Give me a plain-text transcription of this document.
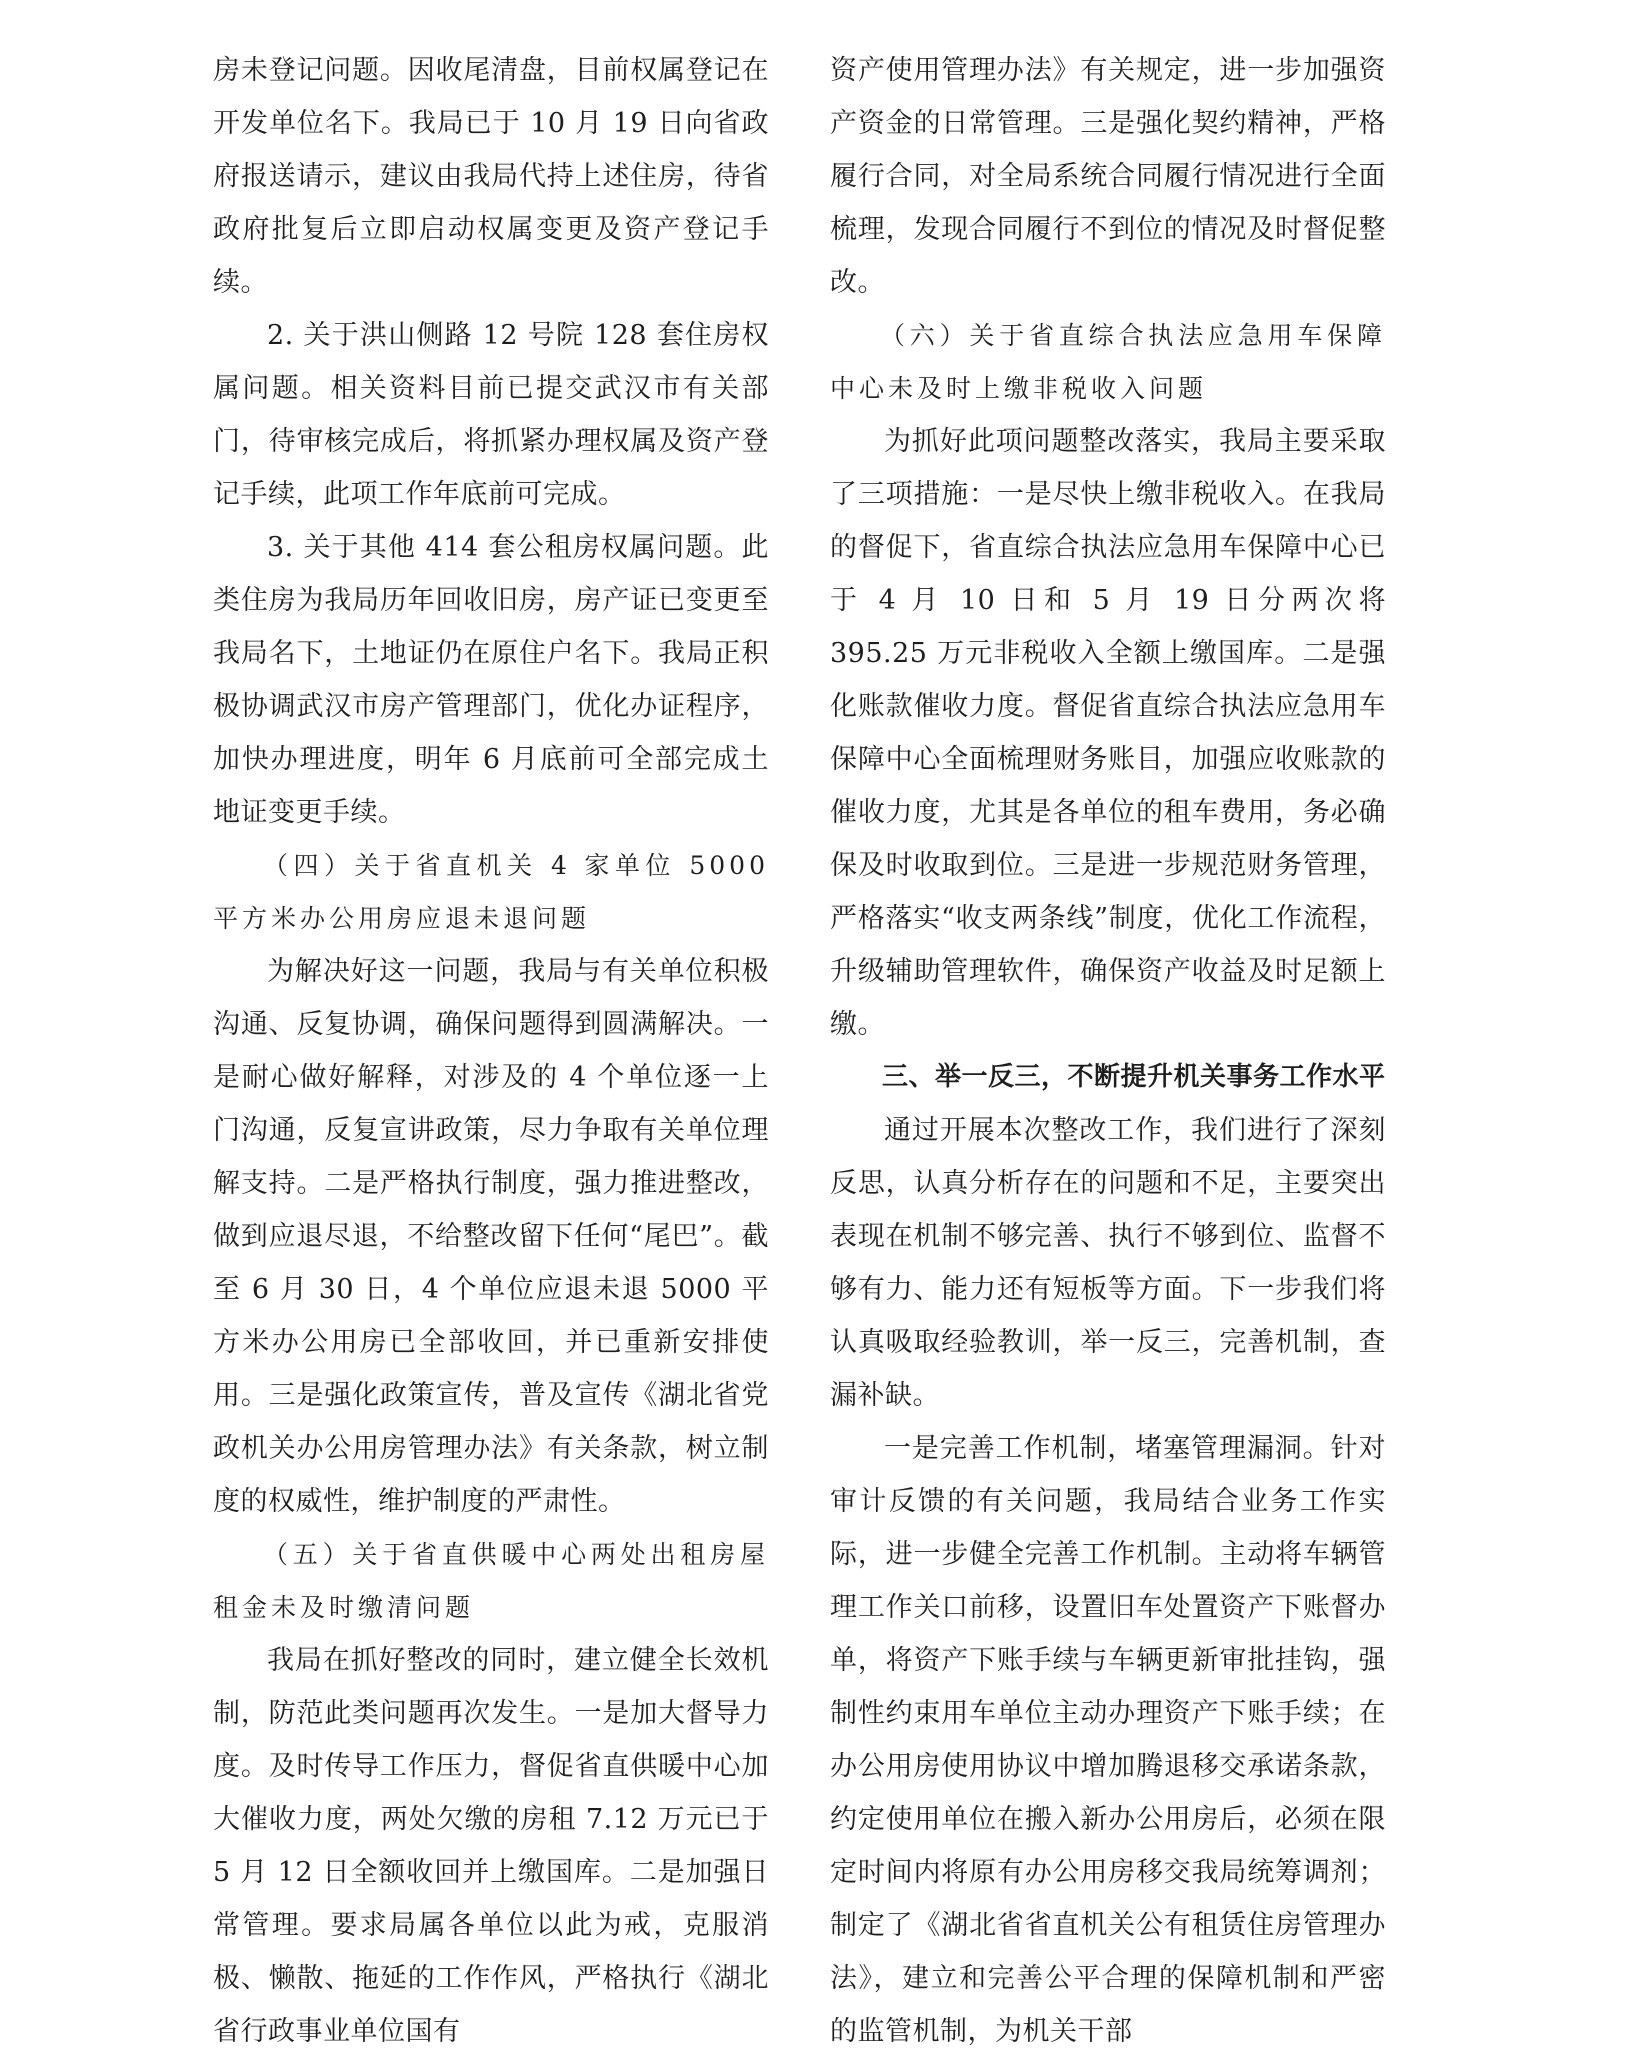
房未登记问题。因收尾清盘，目前权属登记在开发单位名下。我局已于 10 月 19 日向省政府报送请示，建议由我局代持上述住房，待省政府批复后立即启动权属变更及资产登记手续。

2. 关于洪山侧路 12 号院 128 套住房权属问题。相关资料目前已提交武汉市有关部门，待审核完成后，将抓紧办理权属及资产登记手续，此项工作年底前可完成。

3. 关于其他 414 套公租房权属问题。此类住房为我局历年回收旧房，房产证已变更至我局名下，土地证仍在原住户名下。我局正积极协调武汉市房产管理部门，优化办证程序，加快办理进度，明年 6 月底前可全部完成土地证变更手续。

（四）关于省直机关 4 家单位 5000 平方米办公用房应退未退问题

为解决好这一问题，我局与有关单位积极沟通、反复协调，确保问题得到圆满解决。一是耐心做好解释，对涉及的 4 个单位逐一上门沟通，反复宣讲政策，尽力争取有关单位理解支持。二是严格执行制度，强力推进整改，做到应退尽退，不给整改留下任何“尾巴”。截至 6 月 30 日，4 个单位应退未退 5000 平方米办公用房已全部收回，并已重新安排使用。三是强化政策宣传，普及宣传《湖北省党政机关办公用房管理办法》有关条款，树立制度的权威性，维护制度的严肃性。

（五）关于省直供暖中心两处出租房屋租金未及时缴清问题

我局在抓好整改的同时，建立健全长效机制，防范此类问题再次发生。一是加大督导力度。及时传导工作压力，督促省直供暖中心加大催收力度，两处欠缴的房租 7.12 万元已于 5 月 12 日全额收回并上缴国库。二是加强日常管理。要求局属各单位以此为戒，克服消极、懒散、拖延的工作作风，严格执行《湖北省行政事业单位国有

资产使用管理办法》有关规定，进一步加强资产资金的日常管理。三是强化契约精神，严格履行合同，对全局系统合同履行情况进行全面梳理，发现合同履行不到位的情况及时督促整改。

（六）关于省直综合执法应急用车保障中心未及时上缴非税收入问题

为抓好此项问题整改落实，我局主要采取了三项措施：一是尽快上缴非税收入。在我局的督促下，省直综合执法应急用车保障中心已于 4 月 10 日和 5 月 19 日分两次将 395.25 万元非税收入全额上缴国库。二是强化账款催收力度。督促省直综合执法应急用车保障中心全面梳理财务账目，加强应收账款的催收力度，尤其是各单位的租车费用，务必确保及时收取到位。三是进一步规范财务管理，严格落实“收支两条线”制度，优化工作流程，升级辅助管理软件，确保资产收益及时足额上缴。

三、举一反三，不断提升机关事务工作水平

通过开展本次整改工作，我们进行了深刻反思，认真分析存在的问题和不足，主要突出表现在机制不够完善、执行不够到位、监督不够有力、能力还有短板等方面。下一步我们将认真吸取经验教训，举一反三，完善机制，查漏补缺。

一是完善工作机制，堵塞管理漏洞。针对审计反馈的有关问题，我局结合业务工作实际，进一步健全完善工作机制。主动将车辆管理工作关口前移，设置旧车处置资产下账督办单，将资产下账手续与车辆更新审批挂钩，强制性约束用车单位主动办理资产下账手续；在办公用房使用协议中增加腾退移交承诺条款，约定使用单位在搬入新办公用房后，必须在限定时间内将原有办公用房移交我局统筹调剂；制定了《湖北省省直机关公有租赁住房管理办法》，建立和完善公平合理的保障机制和严密的监管机制，为机关干部
